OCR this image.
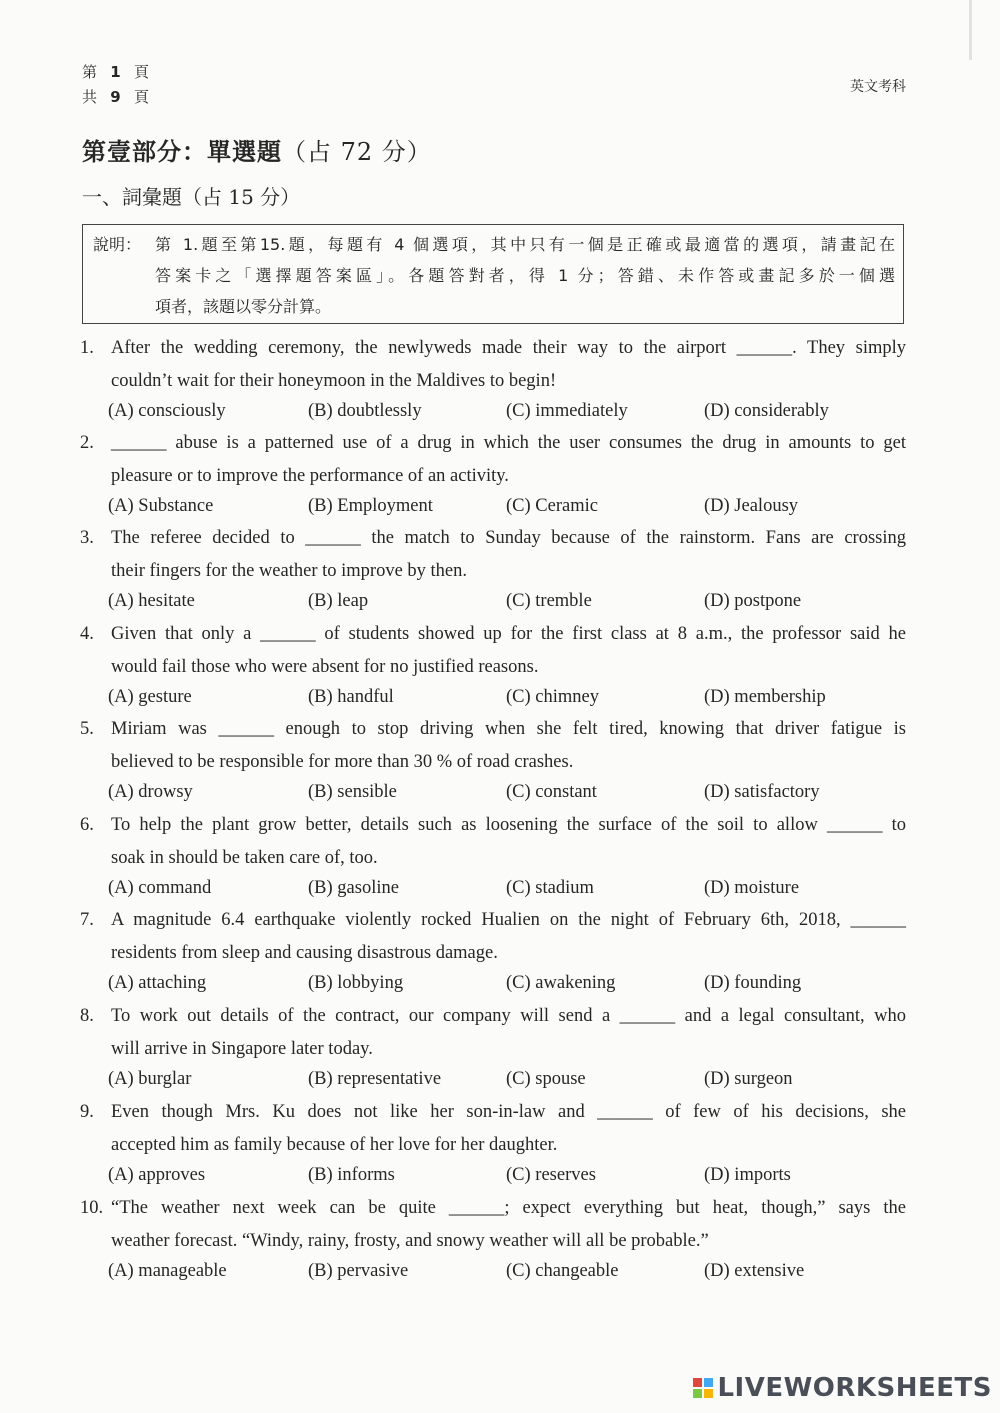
第 1 頁
共 9 頁
英文考科
第壹部分：單選題（占 72 分）
一、詞彙題（占 15 分）
說明： 第 1.題至第15.題，每題有 4 個選項，其中只有一個是正確或最適當的選項，請畫記在
答案卡之「選擇題答案區」。各題答對者，得 1 分；答錯、未作答或畫記多於一個選
項者，該題以零分計算。
1. After the wedding ceremony, the newlyweds made their way to the airport ______. They simply
couldn’t wait for their honeymoon in the Maldives to begin!
(A) consciously	(B) doubtlessly	(C) immediately	(D) considerably
2. ______ abuse is a patterned use of a drug in which the user consumes the drug in amounts to get
pleasure or to improve the performance of an activity.
(A) Substance	(B) Employment	(C) Ceramic	(D) Jealousy
3. The referee decided to ______ the match to Sunday because of the rainstorm. Fans are crossing
their fingers for the weather to improve by then.
(A) hesitate	(B) leap	(C) tremble	(D) postpone
4. Given that only a ______ of students showed up for the first class at 8 a.m., the professor said he
would fail those who were absent for no justified reasons.
(A) gesture	(B) handful	(C) chimney	(D) membership
5. Miriam was ______ enough to stop driving when she felt tired, knowing that driver fatigue is
believed to be responsible for more than 30 % of road crashes.
(A) drowsy	(B) sensible	(C) constant	(D) satisfactory
6. To help the plant grow better, details such as loosening the surface of the soil to allow ______ to
soak in should be taken care of, too.
(A) command	(B) gasoline	(C) stadium	(D) moisture
7. A magnitude 6.4 earthquake violently rocked Hualien on the night of February 6th, 2018, ______
residents from sleep and causing disastrous damage.
(A) attaching	(B) lobbying	(C) awakening	(D) founding
8. To work out details of the contract, our company will send a ______ and a legal consultant, who
will arrive in Singapore later today.
(A) burglar	(B) representative	(C) spouse	(D) surgeon
9. Even though Mrs. Ku does not like her son-in-law and ______ of few of his decisions, she
accepted him as family because of her love for her daughter.
(A) approves	(B) informs	(C) reserves	(D) imports
10. “The weather next week can be quite ______; expect everything but heat, though,” says the
weather forecast. “Windy, rainy, frosty, and snowy weather will all be probable.”
(A) manageable	(B) pervasive	(C) changeable	(D) extensive
LIVEWORKSHEETS
